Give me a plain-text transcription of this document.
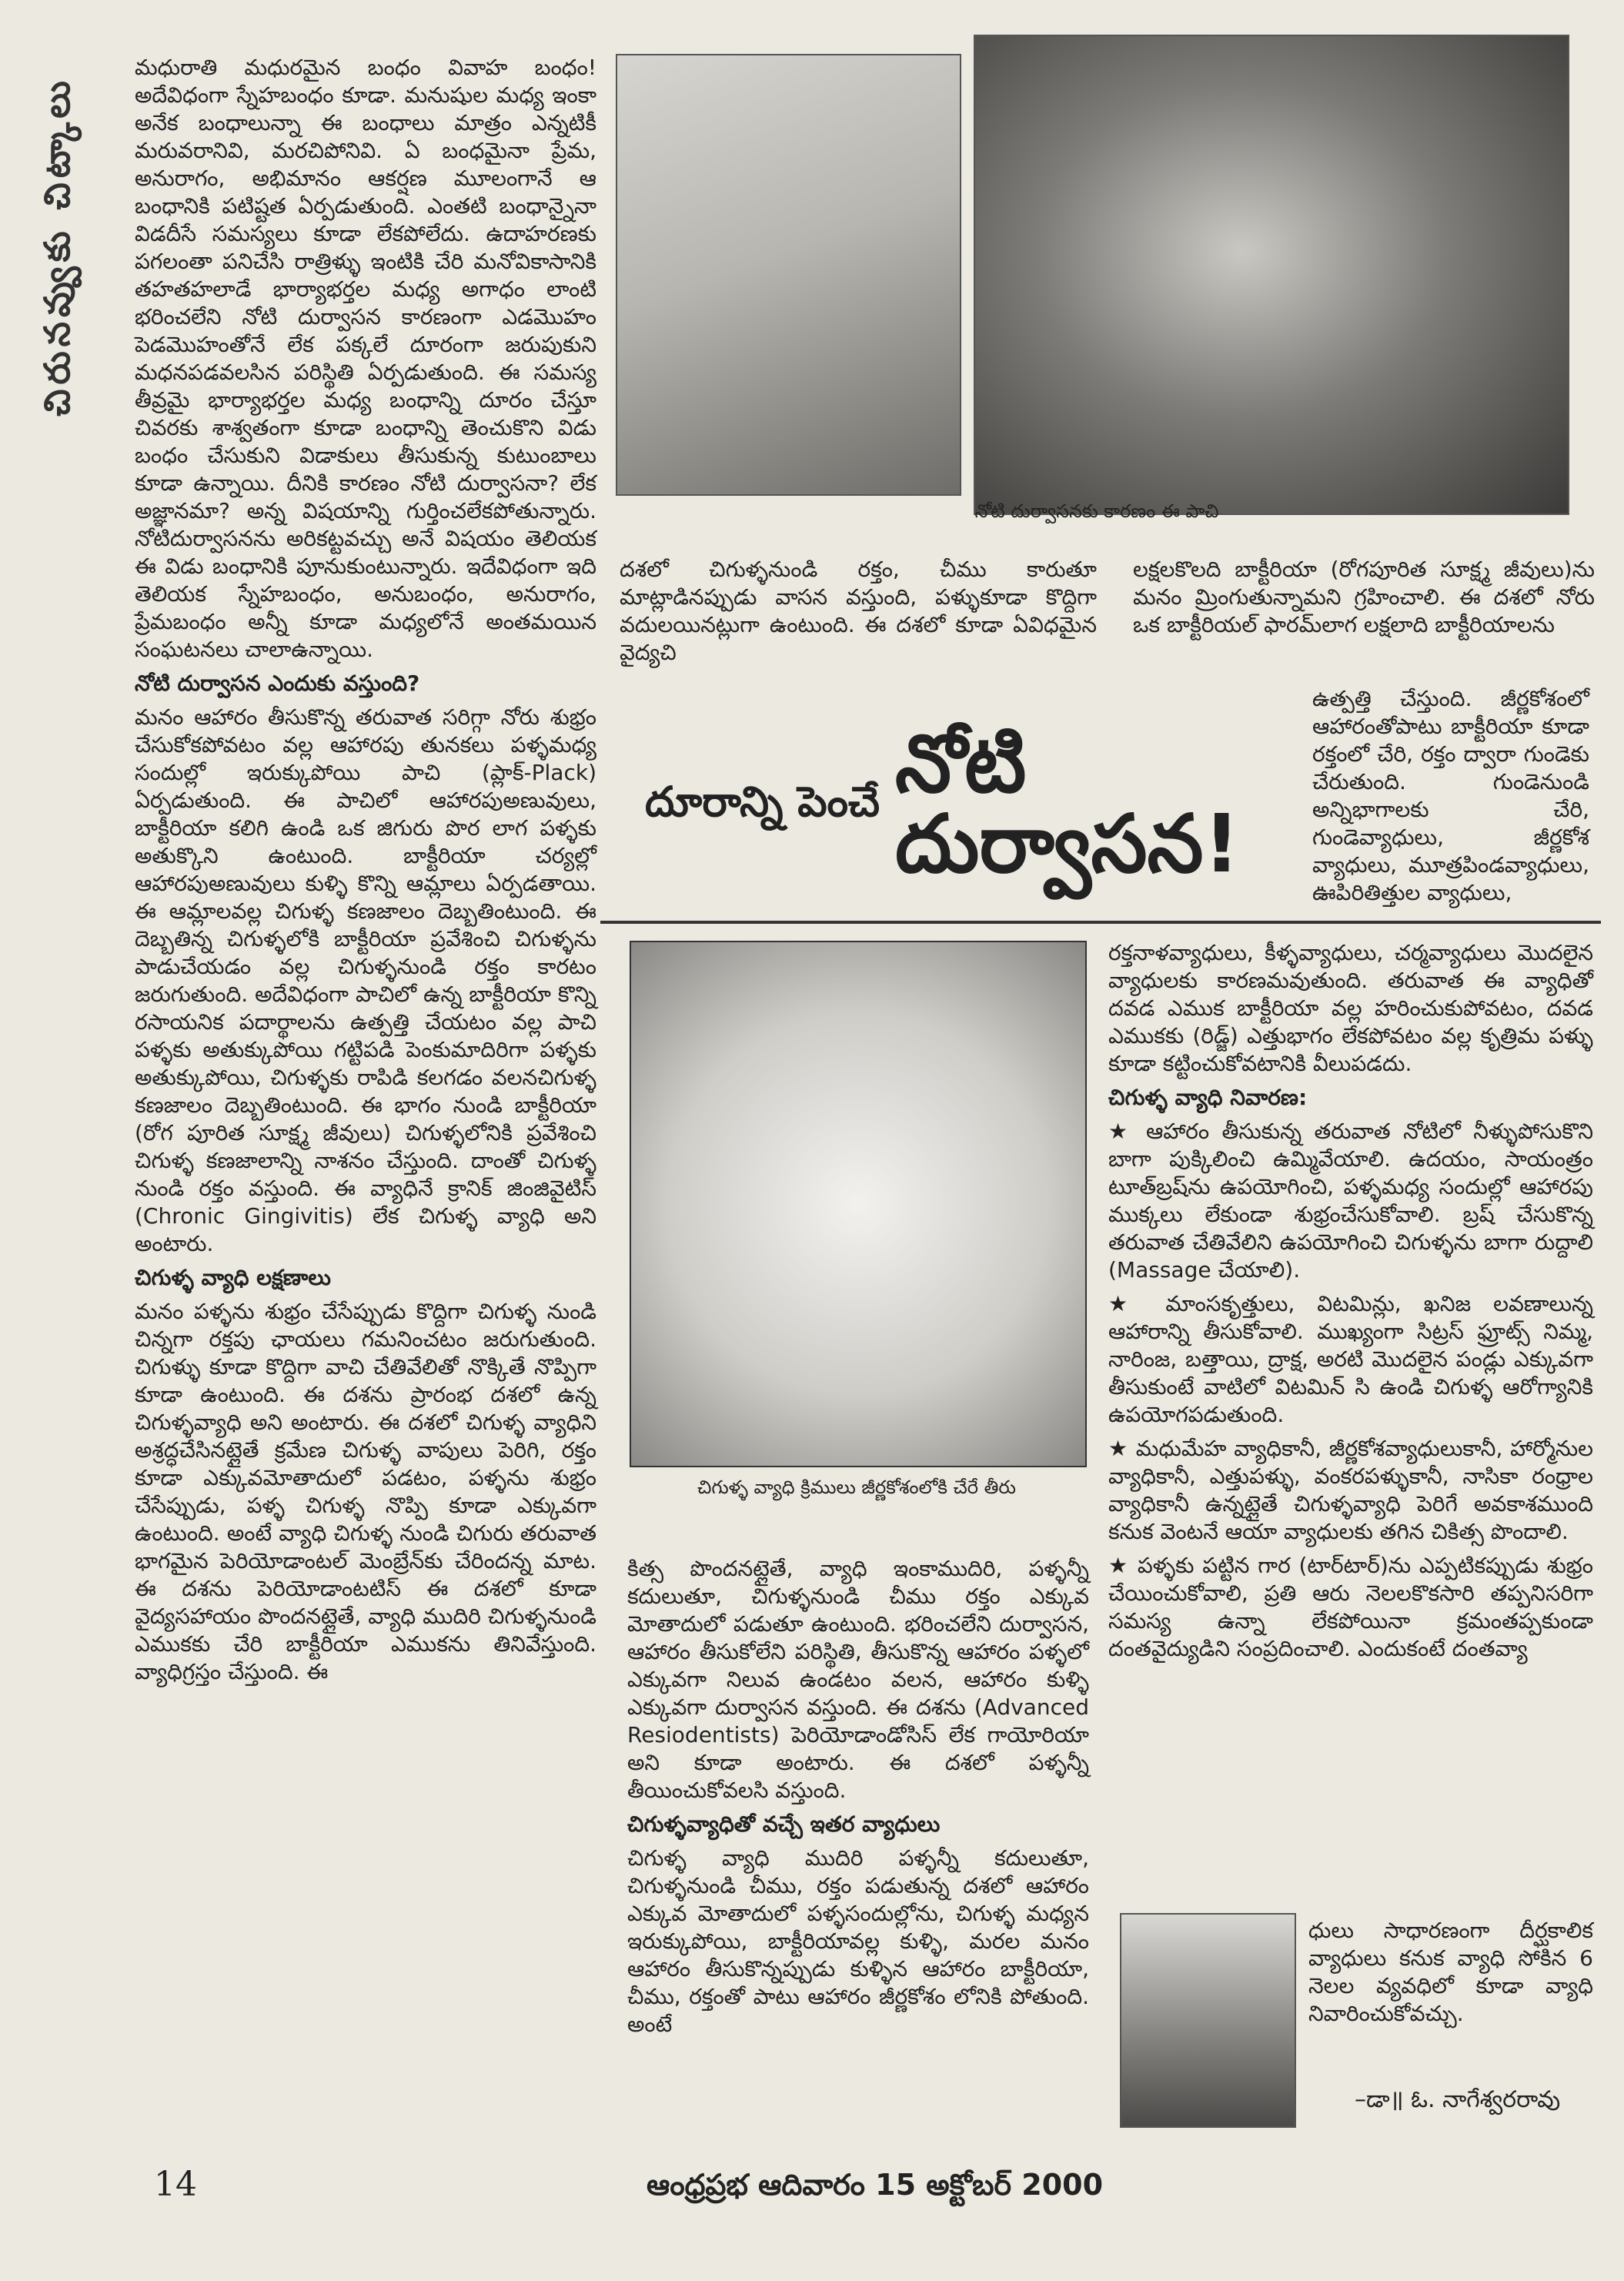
చిరునవ్వుకు చిట్కాలు
నోటి దుర్వాసనకు కారణం ఈ పాచి

దశలో చిగుళ్ళనుండి రక్తం, చీము కారుతూ మాట్లాడినప్పుడు వాసన వస్తుంది, పళ్ళుకూడా కొద్దిగా వదులయినట్లుగా ఉంటుంది. ఈ దశలో కూడా ఏవిధమైన వైద్యచి

లక్షలకొలది బాక్టీరియా (రోగపూరిత సూక్ష్మ జీవులు)ను మనం మ్రింగుతున్నామని గ్రహించాలి. ఈ దశలో నోరు ఒక బాక్టీరియల్ ఫారమ్‌లాగ లక్షలాది బాక్టీరియాలను

దూరాన్ని పెంచే నోటి దుర్వాసన!

ఉత్పత్తి చేస్తుంది. జీర్ణకోశంలో ఆహారంతోపాటు బాక్టీరియా కూడా రక్తంలో చేరి, రక్తం ద్వారా గుండెకు చేరుతుంది. గుండెనుండి అన్నిభాగాలకు చేరి, గుండెవ్యాధులు, జీర్ణకోశ వ్యాధులు, మూత్రపిండవ్యాధులు, ఊపిరితిత్తుల వ్యాధులు,

చిగుళ్ళ వ్యాధి క్రిములు జీర్ణకోశంలోకి చేరే తీరు

మధురాతి మధురమైన బంధం వివాహ బంధం! అదేవిధంగా స్నేహబంధం కూడా. మనుషుల మధ్య ఇంకా అనేక బంధాలున్నా ఈ బంధాలు మాత్రం ఎన్నటికీ మరువరానివి, మరచిపోనివి. ఏ బంధమైనా ప్రేమ, అనురాగం, అభిమానం ఆకర్షణ మూలంగానే ఆ బంధానికి పటిష్టత ఏర్పడుతుంది. ఎంతటి బంధాన్నైనా విడదీసే సమస్యలు కూడా లేకపోలేదు. ఉదాహరణకు పగలంతా పనిచేసి రాత్రిళ్ళు ఇంటికి చేరి మనోవికాసానికి తహతహలాడే భార్యాభర్తల మధ్య అగాధం లాంటి భరించలేని నోటి దుర్వాసన కారణంగా ఎడమొహం పెడమొహంతోనే లేక పక్కలే దూరంగా జరుపుకుని మధనపడవలసిన పరిస్థితి ఏర్పడుతుంది. ఈ సమస్య తీవ్రమై భార్యాభర్తల మధ్య బంధాన్ని దూరం చేస్తూ చివరకు శాశ్వతంగా కూడా బంధాన్ని తెంచుకొని విడు బంధం చేసుకుని విడాకులు తీసుకున్న కుటుంబాలు కూడా ఉన్నాయి. దీనికి కారణం నోటి దుర్వాసనా? లేక అజ్ఞానమా? అన్న విషయాన్ని గుర్తించలేకపోతున్నారు. నోటిదుర్వాసనను అరికట్టవచ్చు అనే విషయం తెలియక ఈ విడు బంధానికి పూనుకుంటున్నారు. ఇదేవిధంగా ఇది తెలియక స్నేహబంధం, అనుబంధం, అనురాగం, ప్రేమబంధం అన్నీ కూడా మధ్యలోనే అంతమయిన సంఘటనలు చాలాఉన్నాయి.

నోటి దుర్వాసన ఎందుకు వస్తుంది?

మనం ఆహారం తీసుకొన్న తరువాత సరిగ్గా నోరు శుభ్రం చేసుకోకపోవటం వల్ల ఆహారపు తునకలు పళ్ళమధ్య సందుల్లో ఇరుక్కుపోయి పాచి (ప్లాక్-Plack) ఏర్పడుతుంది. ఈ పాచిలో ఆహారపుఅణువులు, బాక్టీరియా కలిగి ఉండి ఒక జిగురు పొర లాగ పళ్ళకు అతుక్కొని ఉంటుంది. బాక్టీరియా చర్యల్లో ఆహారపుఅణువులు కుళ్ళి కొన్ని ఆమ్లాలు ఏర్పడతాయి. ఈ ఆమ్లాలవల్ల చిగుళ్ళ కణజాలం దెబ్బతింటుంది. ఈ దెబ్బతిన్న చిగుళ్ళలోకి బాక్టీరియా ప్రవేశించి చిగుళ్ళను పాడుచేయడం వల్ల చిగుళ్ళనుండి రక్తం కారటం జరుగుతుంది. అదేవిధంగా పాచిలో ఉన్న బాక్టీరియా కొన్ని రసాయనిక పదార్థాలను ఉత్పత్తి చేయటం వల్ల పాచి పళ్ళకు అతుక్కుపోయి గట్టిపడి పెంకుమాదిరిగా పళ్ళకు అతుక్కుపోయి, చిగుళ్ళకు రాపిడి కలగడం వలనచిగుళ్ళ కణజాలం దెబ్బతింటుంది. ఈ భాగం నుండి బాక్టీరియా (రోగ పూరిత సూక్ష్మ జీవులు) చిగుళ్ళలోనికి ప్రవేశించి చిగుళ్ళ కణజాలాన్ని నాశనం చేస్తుంది. దాంతో చిగుళ్ళ నుండి రక్తం వస్తుంది. ఈ వ్యాధినే క్రానిక్ జింజివైటిస్ (Chronic Gingivitis) లేక చిగుళ్ళ వ్యాధి అని అంటారు.

చిగుళ్ళ వ్యాధి లక్షణాలు

మనం పళ్ళను శుభ్రం చేసేప్పుడు కొద్దిగా చిగుళ్ళ నుండి చిన్నగా రక్తపు ఛాయలు గమనించటం జరుగుతుంది. చిగుళ్ళు కూడా కొద్దిగా వాచి చేతివేలితో నొక్కితే నొప్పిగా కూడా ఉంటుంది. ఈ దశను ప్రారంభ దశలో ఉన్న చిగుళ్ళవ్యాధి అని అంటారు. ఈ దశలో చిగుళ్ళ వ్యాధిని అశ్రద్ధచేసినట్లైతే క్రమేణ చిగుళ్ళ వాపులు పెరిగి, రక్తం కూడా ఎక్కువమోతాదులో పడటం, పళ్ళను శుభ్రం చేసేప్పుడు, పళ్ళ చిగుళ్ళ నొప్పి కూడా ఎక్కువగా ఉంటుంది. అంటే వ్యాధి చిగుళ్ళ నుండి చిగురు తరువాత భాగమైన పెరియోడాంటల్ మెంబ్రేన్‌కు చేరిందన్న మాట. ఈ దశను పెరియోడాంటటిస్ ఈ దశలో కూడా వైద్యసహాయం పొందనట్లైతే, వ్యాధి ముదిరి చిగుళ్ళనుండి ఎముకకు చేరి బాక్టీరియా ఎముకను తినివేస్తుంది. వ్యాధిగ్రస్తం చేస్తుంది. ఈ

కిత్స పొందనట్లైతే, వ్యాధి ఇంకాముదిరి, పళ్ళన్నీ కదులుతూ, చిగుళ్ళనుండి చీము రక్తం ఎక్కువ మోతాదులో పడుతూ ఉంటుంది. భరించలేని దుర్వాసన, ఆహారం తీసుకోలేని పరిస్థితి, తీసుకొన్న ఆహారం పళ్ళలో ఎక్కువగా నిలువ ఉండటం వలన, ఆహారం కుళ్ళి ఎక్కువగా దుర్వాసన వస్తుంది. ఈ దశను (Advanced Resiodentists) పెరియోడాండోసిస్ లేక గాయోరియా అని కూడా అంటారు. ఈ దశలో పళ్ళన్నీ తీయించుకోవలసి వస్తుంది.

చిగుళ్ళవ్యాధితో వచ్చే ఇతర వ్యాధులు

చిగుళ్ళ వ్యాధి ముదిరి పళ్ళన్నీ కదులుతూ, చిగుళ్ళనుండి చీము, రక్తం పడుతున్న దశలో ఆహారం ఎక్కువ మోతాదులో పళ్ళసందుల్లోను, చిగుళ్ళ మధ్యన ఇరుక్కుపోయి, బాక్టీరియావల్ల కుళ్ళి, మరల మనం ఆహారం తీసుకొన్నప్పుడు కుళ్ళిన ఆహారం బాక్టీరియా, చీము, రక్తంతో పాటు ఆహారం జీర్ణకోశం లోనికి పోతుంది. అంటే

రక్తనాళవ్యాధులు, కీళ్ళవ్యాధులు, చర్మవ్యాధులు మొదలైన వ్యాధులకు కారణమవుతుంది. తరువాత ఈ వ్యాధితో దవడ ఎముక బాక్టీరియా వల్ల హరించుకుపోవటం, దవడ ఎముకకు (రిడ్జ్) ఎత్తుభాగం లేకపోవటం వల్ల కృత్రిమ పళ్ళు కూడా కట్టించుకోవటానికి వీలుపడదు.

చిగుళ్ళ వ్యాధి నివారణ:

★ ఆహారం తీసుకున్న తరువాత నోటిలో నీళ్ళుపోసుకొని బాగా పుక్కిలించి ఉమ్మివేయాలి. ఉదయం, సాయంత్రం టూత్‌బ్రష్‌ను ఉపయోగించి, పళ్ళమధ్య సందుల్లో ఆహారపు ముక్కలు లేకుండా శుభ్రంచేసుకోవాలి. బ్రష్ చేసుకొన్న తరువాత చేతివేలిని ఉపయోగించి చిగుళ్ళను బాగా రుద్దాలి (Massage చేయాలి).

★ మాంసకృత్తులు, విటమిన్లు, ఖనిజ లవణాలున్న ఆహారాన్ని తీసుకోవాలి. ముఖ్యంగా సిట్రస్ ఫ్రూట్స్ నిమ్మ, నారింజ, బత్తాయి, ద్రాక్ష, అరటి మొదలైన పండ్లు ఎక్కువగా తీసుకుంటే వాటిలో విటమిన్ సి ఉండి చిగుళ్ళ ఆరోగ్యానికి ఉపయోగపడుతుంది.

★ మధుమేహ వ్యాధికానీ, జీర్ణకోశవ్యాధులుకానీ, హార్మోనుల వ్యాధికానీ, ఎత్తుపళ్ళు, వంకరపళ్ళుకానీ, నాసికా రంధ్రాల వ్యాధికానీ ఉన్నట్లైతే చిగుళ్ళవ్యాధి పెరిగే అవకాశముంది కనుక వెంటనే ఆయా వ్యాధులకు తగిన చికిత్స పొందాలి.

★ పళ్ళకు పట్టిన గార (టార్‌టార్)ను ఎప్పటికప్పుడు శుభ్రం చేయించుకోవాలి, ప్రతి ఆరు నెలలకొకసారి తప్పనిసరిగా సమస్య ఉన్నా లేకపోయినా క్రమంతప్పకుండా దంతవైద్యుడిని సంప్రదించాలి. ఎందుకంటే దంతవ్యా

ధులు సాధారణంగా దీర్ఘకాలిక వ్యాధులు కనుక వ్యాధి సోకిన 6 నెలల వ్యవధిలో కూడా వ్యాధి నివారించుకోవచ్చు.

–డా॥ ఓ. నాగేశ్వరరావు
14	ఆంధ్రప్రభ ఆదివారం 15 అక్టోబర్ 2000
